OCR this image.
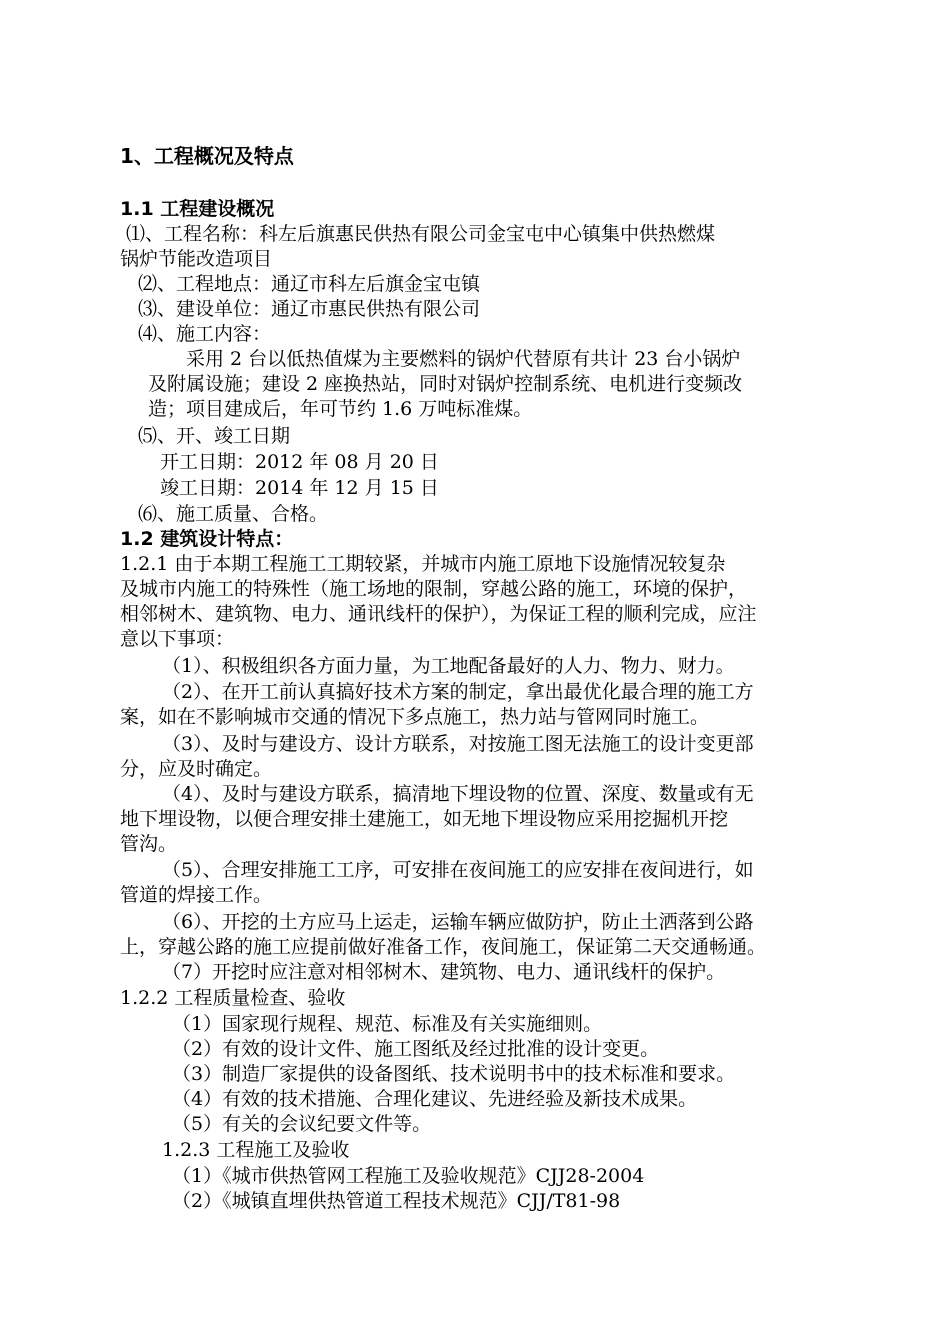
1、工程概况及特点
1.1 工程建设概况
⑴、工程名称：科左后旗惠民供热有限公司金宝屯中心镇集中供热燃煤
锅炉节能改造项目
⑵、工程地点：通辽市科左后旗金宝屯镇
⑶、建设单位：通辽市惠民供热有限公司
⑷、施工内容：
采用 2 台以低热值煤为主要燃料的锅炉代替原有共计 23 台小锅炉
及附属设施；建设 2 座换热站，同时对锅炉控制系统、电机进行变频改
造；项目建成后，年可节约 1.6 万吨标准煤。
⑸、开、竣工日期
开工日期：2012 年 08 月 20 日
竣工日期：2014 年 12 月 15 日
⑹、施工质量、合格。
1.2 建筑设计特点：
1.2.1 由于本期工程施工工期较紧，并城市内施工原地下设施情况较复杂
及城市内施工的特殊性（施工场地的限制，穿越公路的施工，环境的保护，
相邻树木、建筑物、电力、通讯线杆的保护），为保证工程的顺利完成，应注
意以下事项：
（1）、积极组织各方面力量，为工地配备最好的人力、物力、财力。
（2）、在开工前认真搞好技术方案的制定，拿出最优化最合理的施工方
案，如在不影响城市交通的情况下多点施工，热力站与管网同时施工。
（3）、及时与建设方、设计方联系，对按施工图无法施工的设计变更部
分，应及时确定。
（4）、及时与建设方联系，搞清地下埋设物的位置、深度、数量或有无
地下埋设物，以便合理安排土建施工，如无地下埋设物应采用挖掘机开挖
管沟。
（5）、合理安排施工工序，可安排在夜间施工的应安排在夜间进行，如
管道的焊接工作。
（6）、开挖的土方应马上运走，运输车辆应做防护，防止土洒落到公路
上，穿越公路的施工应提前做好准备工作，夜间施工，保证第二天交通畅通。
（7）开挖时应注意对相邻树木、建筑物、电力、通讯线杆的保护。
1.2.2 工程质量检查、验收
（1）国家现行规程、规范、标准及有关实施细则。
（2）有效的设计文件、施工图纸及经过批准的设计变更。
（3）制造厂家提供的设备图纸、技术说明书中的技术标准和要求。
（4）有效的技术措施、合理化建议、先进经验及新技术成果。
（5）有关的会议纪要文件等。
1.2.3 工程施工及验收
（1）《城市供热管网工程施工及验收规范》CJJ28-2004
（2）《城镇直埋供热管道工程技术规范》CJJ/T81-98
